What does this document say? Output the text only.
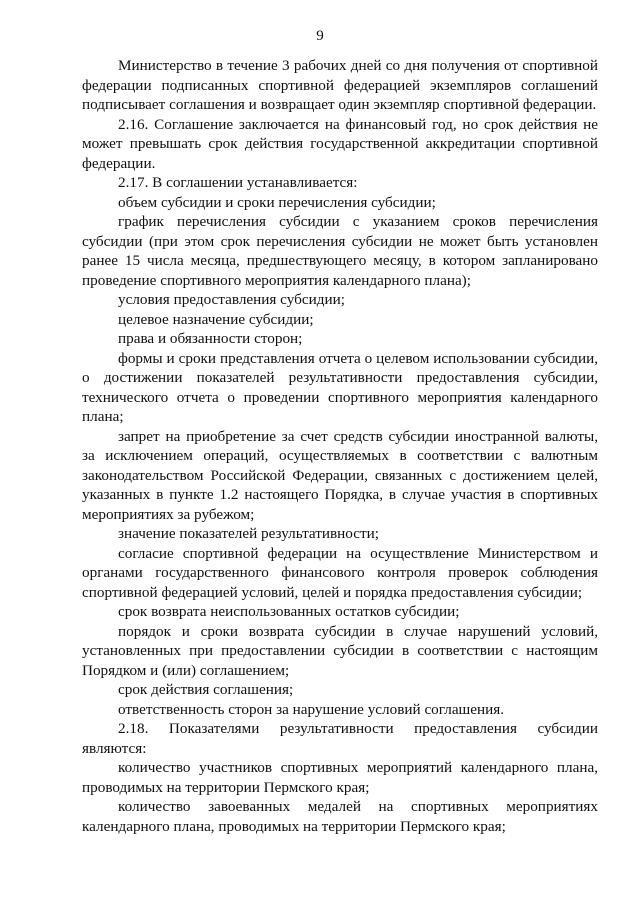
9

Министерство в течение 3 рабочих дней со дня получения от спортивной федерации подписанных спортивной федерацией экземпляров соглашений подписывает соглашения и возвращает один экземпляр спортивной федерации.

2.16. Соглашение заключается на финансовый год, но срок действия не может превышать срок действия государственной аккредитации спортивной федерации.

2.17. В соглашении устанавливается:

объем субсидии и сроки перечисления субсидии;

график перечисления субсидии с указанием сроков перечисления субсидии (при этом срок перечисления субсидии не может быть установлен ранее 15 числа месяца, предшествующего месяцу, в котором запланировано проведение спортивного мероприятия календарного плана);

условия предоставления субсидии;

целевое назначение субсидии;

права и обязанности сторон;

формы и сроки представления отчета о целевом использовании субсидии, о достижении показателей результативности предоставления субсидии, технического отчета о проведении спортивного мероприятия календарного плана;

запрет на приобретение за счет средств субсидии иностранной валюты, за исключением операций, осуществляемых в соответствии с валютным законодательством Российской Федерации, связанных с достижением целей, указанных в пункте 1.2 настоящего Порядка, в случае участия в спортивных мероприятиях за рубежом;

значение показателей результативности;

согласие спортивной федерации на осуществление Министерством и органами государственного финансового контроля проверок соблюдения спортивной федерацией условий, целей и порядка предоставления субсидии;

срок возврата неиспользованных остатков субсидии;

порядок и сроки возврата субсидии в случае нарушений условий, установленных при предоставлении субсидии в соответствии с настоящим Порядком и (или) соглашением;

срок действия соглашения;

ответственность сторон за нарушение условий соглашения.

2.18. Показателями результативности предоставления субсидии являются:

количество участников спортивных мероприятий календарного плана, проводимых на территории Пермского края;

количество завоеванных медалей на спортивных мероприятиях календарного плана, проводимых на территории Пермского края;
